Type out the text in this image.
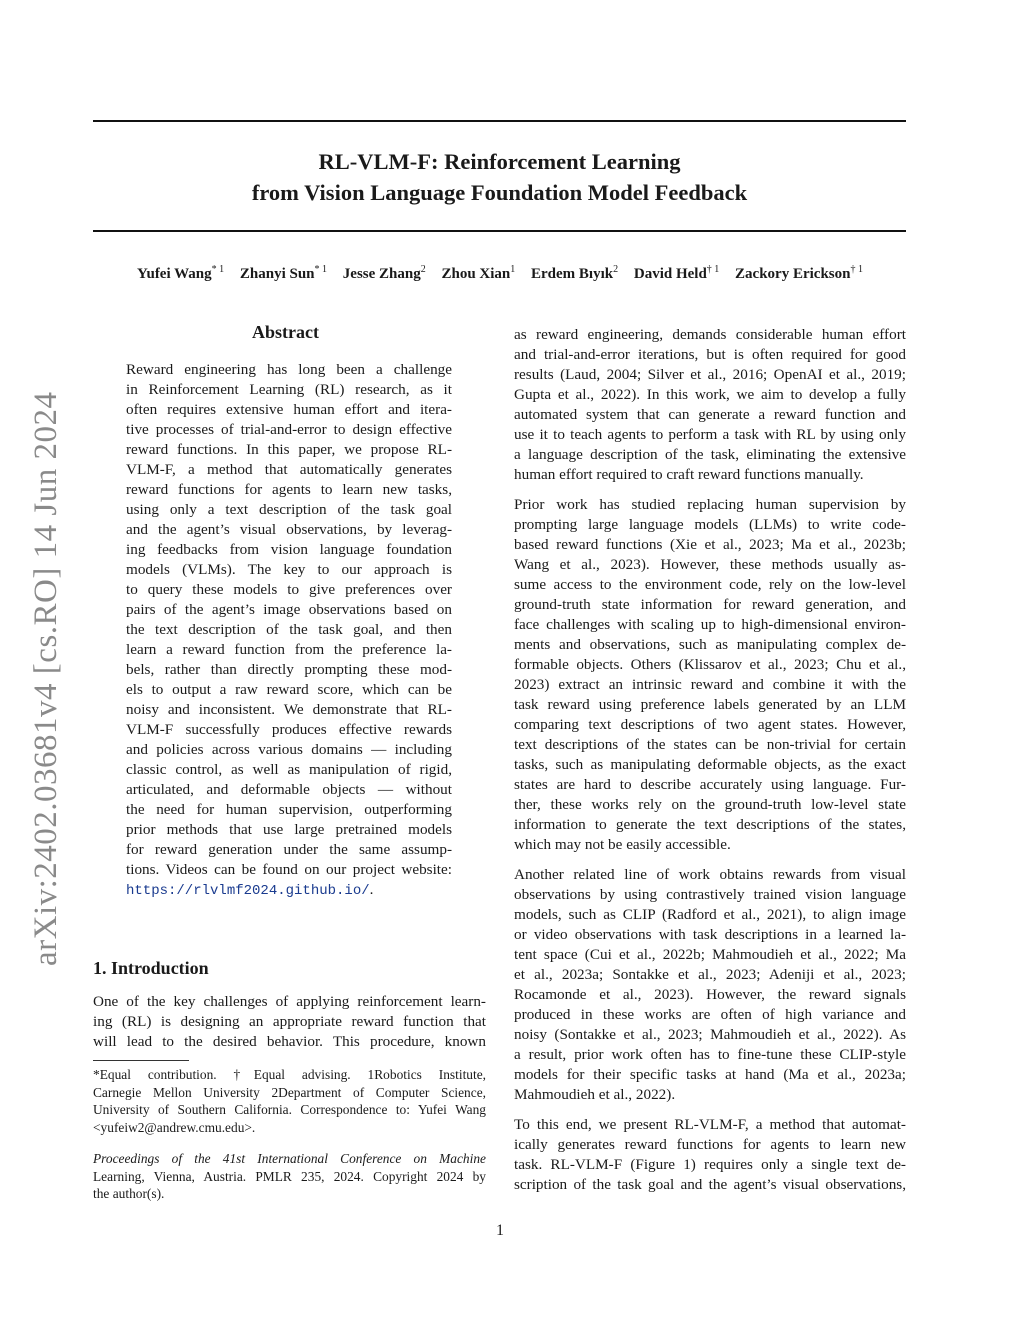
RL-VLM-F: Reinforcement Learning
from Vision Language Foundation Model Feedback
Yufei Wang$^{* 1}$ Zhanyi Sun$^{* 1}$ Jesse Zhang$^2$ Zhou Xian$^1$ Erdem Bıyık$^2$ David Held$^{\dagger 1}$ Zackory Erickson$^{\dagger 1}$
arXiv:2402.03681v4 [cs.RO] 14 Jun 2024
Abstract
Reward engineering has long been a challenge
in Reinforcement Learning (RL) research, as it
often requires extensive human effort and itera-
tive processes of trial-and-error to design effective
reward functions. In this paper, we propose RL-
VLM-F, a method that automatically generates
reward functions for agents to learn new tasks,
using only a text description of the task goal
and the agent’s visual observations, by leverag-
ing feedbacks from vision language foundation
models (VLMs). The key to our approach is
to query these models to give preferences over
pairs of the agent’s image observations based on
the text description of the task goal, and then
learn a reward function from the preference la-
bels, rather than directly prompting these mod-
els to output a raw reward score, which can be
noisy and inconsistent. We demonstrate that RL-
VLM-F successfully produces effective rewards
and policies across various domains — including
classic control, as well as manipulation of rigid,
articulated, and deformable objects — without
the need for human supervision, outperforming
prior methods that use large pretrained models
for reward generation under the same assump-
tions. Videos can be found on our project website:
https://rlvlmf2024.github.io/.
1. Introduction
One of the key challenges of applying reinforcement learn-
ing (RL) is designing an appropriate reward function that
will lead to the desired behavior. This procedure, known
*Equal contribution. †Equal advising. 1Robotics Institute,
Carnegie Mellon University 2Department of Computer Science,
University of Southern California. Correspondence to: Yufei Wang
<yufeiw2@andrew.cmu.edu>.
Proceedings of the 41st International Conference on Machine
Learning, Vienna, Austria. PMLR 235, 2024. Copyright 2024 by
the author(s).
as reward engineering, demands considerable human effort
and trial-and-error iterations, but is often required for good
results (Laud, 2004; Silver et al., 2016; OpenAI et al., 2019;
Gupta et al., 2022). In this work, we aim to develop a fully
automated system that can generate a reward function and
use it to teach agents to perform a task with RL by using only
a language description of the task, eliminating the extensive
human effort required to craft reward functions manually.
Prior work has studied replacing human supervision by
prompting large language models (LLMs) to write code-
based reward functions (Xie et al., 2023; Ma et al., 2023b;
Wang et al., 2023). However, these methods usually as-
sume access to the environment code, rely on the low-level
ground-truth state information for reward generation, and
face challenges with scaling up to high-dimensional environ-
ments and observations, such as manipulating complex de-
formable objects. Others (Klissarov et al., 2023; Chu et al.,
2023) extract an intrinsic reward and combine it with the
task reward using preference labels generated by an LLM
comparing text descriptions of two agent states. However,
text descriptions of the states can be non-trivial for certain
tasks, such as manipulating deformable objects, as the exact
states are hard to describe accurately using language. Fur-
ther, these works rely on the ground-truth low-level state
information to generate the text descriptions of the states,
which may not be easily accessible.
Another related line of work obtains rewards from visual
observations by using contrastively trained vision language
models, such as CLIP (Radford et al., 2021), to align image
or video observations with task descriptions in a learned la-
tent space (Cui et al., 2022b; Mahmoudieh et al., 2022; Ma
et al., 2023a; Sontakke et al., 2023; Adeniji et al., 2023;
Rocamonde et al., 2023). However, the reward signals
produced in these works are often of high variance and
noisy (Sontakke et al., 2023; Mahmoudieh et al., 2022). As
a result, prior work often has to fine-tune these CLIP-style
models for their specific tasks at hand (Ma et al., 2023a;
Mahmoudieh et al., 2022).
To this end, we present RL-VLM-F, a method that automat-
ically generates reward functions for agents to learn new
task. RL-VLM-F (Figure 1) requires only a single text de-
scription of the task goal and the agent’s visual observations,
1
